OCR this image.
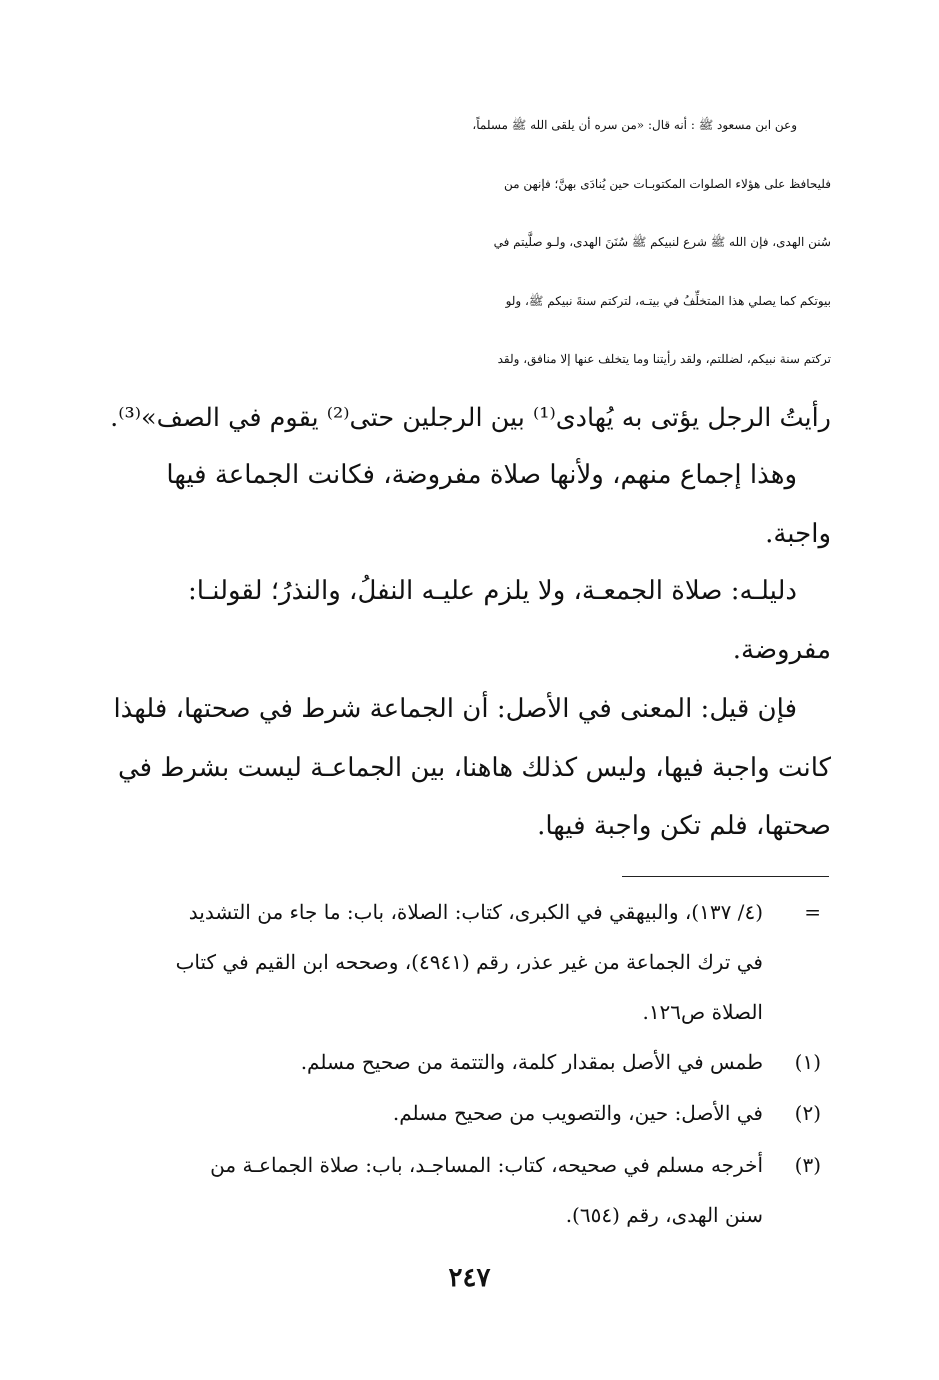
وعن ابن مسعود ﷺ : أنه قال: «من سره أن يلقى الله ﷺ مسلماً،
فليحافظ على هؤلاء الصلوات المكتوبـات حين يُنادَى بهنَّ؛ فإنهن من
سُنن الهدى، فإن الله ﷺ شرع لنبيكم ﷺ سُنَنَ الهدى، ولـو صلَّيتم في
بيوتكم كما يصلي هذا المتخلِّفُ في بيتـه، لتركتم سنةَ نبيكم ﷺ، ولو
تركتم سنة نبيكم، لضللتم، ولقد رأيتنا وما يتخلف عنها إلا منافق، ولقد
رأيتُ الرجل يؤتى به يُهادى⁽¹⁾ بين الرجلين حتى⁽²⁾ يقوم في الصف»⁽³⁾.
وهذا إجماع منهم، ولأنها صلاة مفروضة، فكانت الجماعة فيها
واجبة.
دليلـه: صلاة الجمعـة، ولا يلزم عليـه النفلُ، والنذرُ؛ لقولنـا:
مفروضة.
فإن قيل: المعنى في الأصل: أن الجماعة شرط في صحتها، فلهذا
كانت واجبة فيها، وليس كذلك هاهنا، بين الجماعـة ليست بشرط في
صحتها، فلم تكن واجبة فيها.
=
(٤/ ١٣٧)، والبيهقي في الكبرى، كتاب: الصلاة، باب: ما جاء من التشديد
في ترك الجماعة من غير عذر، رقم (٤٩٤١)، وصححه ابن القيم في كتاب
الصلاة ص١٢٦.
(١)
طمس في الأصل بمقدار كلمة، والتتمة من صحيح مسلم.
(٢)
في الأصل: حين، والتصويب من صحيح مسلم.
(٣)
أخرجه مسلم في صحيحه، كتاب: المساجـد، باب: صلاة الجماعـة من
سنن الهدى، رقم (٦٥٤).
٢٤٧
